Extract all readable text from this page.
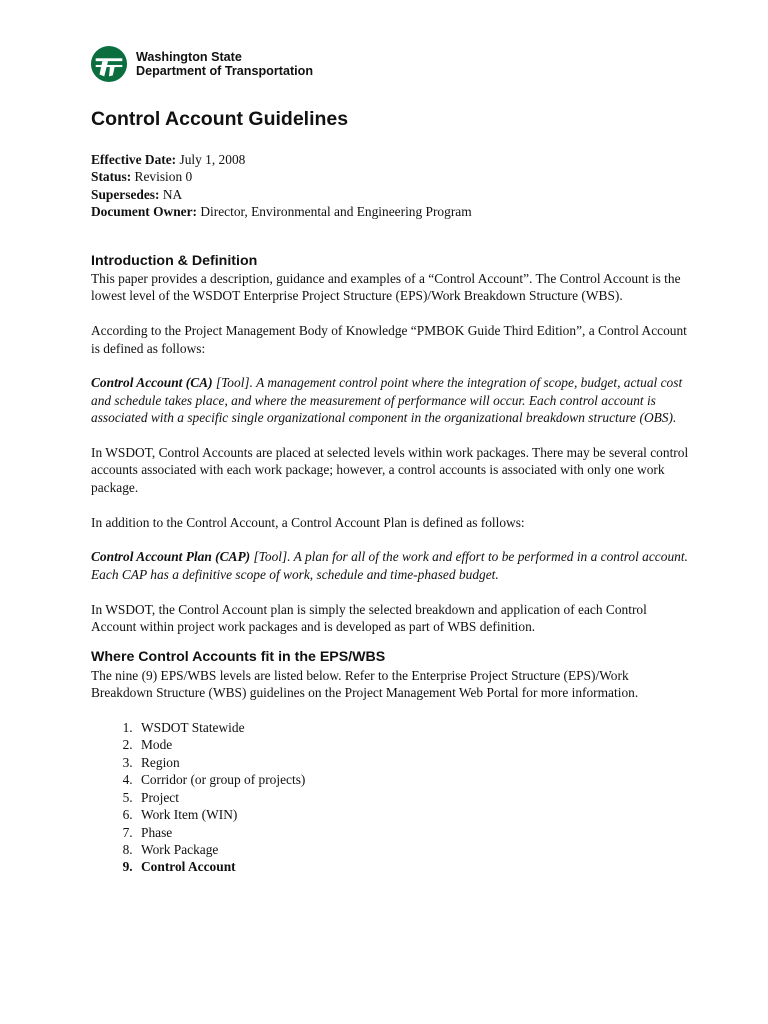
Washington State
Department of Transportation
Control Account Guidelines

Effective Date: July 1, 2008

Status: Revision 0

Supersedes: NA

Document Owner: Director, Environmental and Engineering Program

Introduction & Definition

This paper provides a description, guidance and examples of a “Control Account”. The Control Account is the lowest level of the WSDOT Enterprise Project Structure (EPS)/Work Breakdown Structure (WBS).

According to the Project Management Body of Knowledge “PMBOK Guide Third Edition”, a Control Account is defined as follows:

Control Account (CA) [Tool]. A management control point where the integration of scope, budget, actual cost and schedule takes place, and where the measurement of performance will occur. Each control account is associated with a specific single organizational component in the organizational breakdown structure (OBS).

In WSDOT, Control Accounts are placed at selected levels within work packages. There may be several control accounts associated with each work package; however, a control accounts is associated with only one work package.

In addition to the Control Account, a Control Account Plan is defined as follows:

Control Account Plan (CAP) [Tool]. A plan for all of the work and effort to be performed in a control account. Each CAP has a definitive scope of work, schedule and time-phased budget.

In WSDOT, the Control Account plan is simply the selected breakdown and application of each Control Account within project work packages and is developed as part of WBS definition.

Where Control Accounts fit in the EPS/WBS

The nine (9) EPS/WBS levels are listed below. Refer to the Enterprise Project Structure (EPS)/Work Breakdown Structure (WBS) guidelines on the Project Management Web Portal for more information.

1. WSDOT Statewide
2. Mode
3. Region
4. Corridor (or group of projects)
5. Project
6. Work Item (WIN)
7. Phase
8. Work Package
9. Control Account
